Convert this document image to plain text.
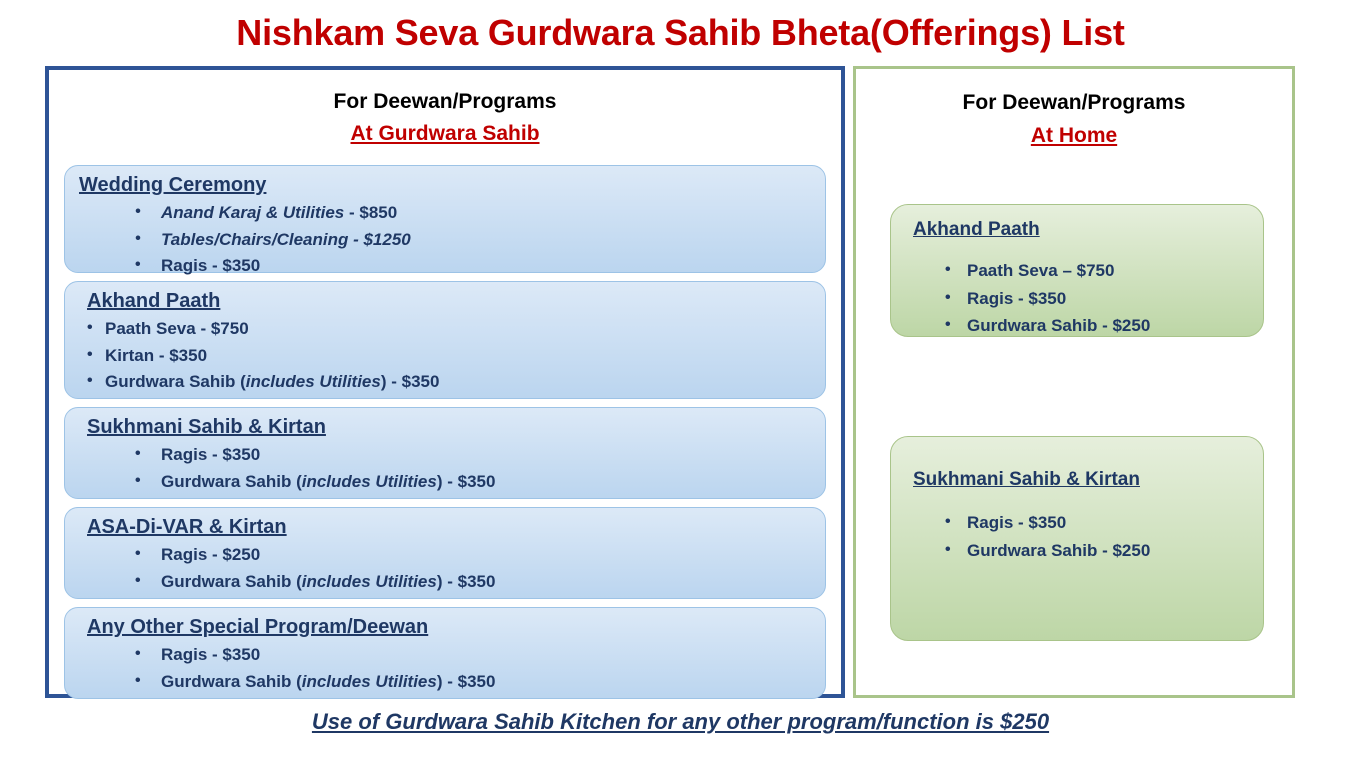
Nishkam Seva Gurdwara Sahib Bheta(Offerings) List
For Deewan/Programs
At Gurdwara Sahib
Wedding Ceremony
• Anand Karaj & Utilities - $850
• Tables/Chairs/Cleaning - $1250
• Ragis - $350
Akhand Paath
• Paath Seva - $750
• Kirtan - $350
• Gurdwara Sahib (includes Utilities) - $350
Sukhmani Sahib & Kirtan
• Ragis - $350
• Gurdwara Sahib (includes Utilities) - $350
ASA-Di-VAR & Kirtan
• Ragis - $250
• Gurdwara Sahib (includes Utilities) - $350
Any Other Special Program/Deewan
• Ragis - $350
• Gurdwara Sahib (includes Utilities) - $350
For Deewan/Programs
At Home
Akhand Paath
• Paath Seva – $750
• Ragis - $350
• Gurdwara Sahib - $250
Sukhmani Sahib & Kirtan
• Ragis - $350
• Gurdwara Sahib - $250
Use of Gurdwara Sahib Kitchen for any other program/function is $250
